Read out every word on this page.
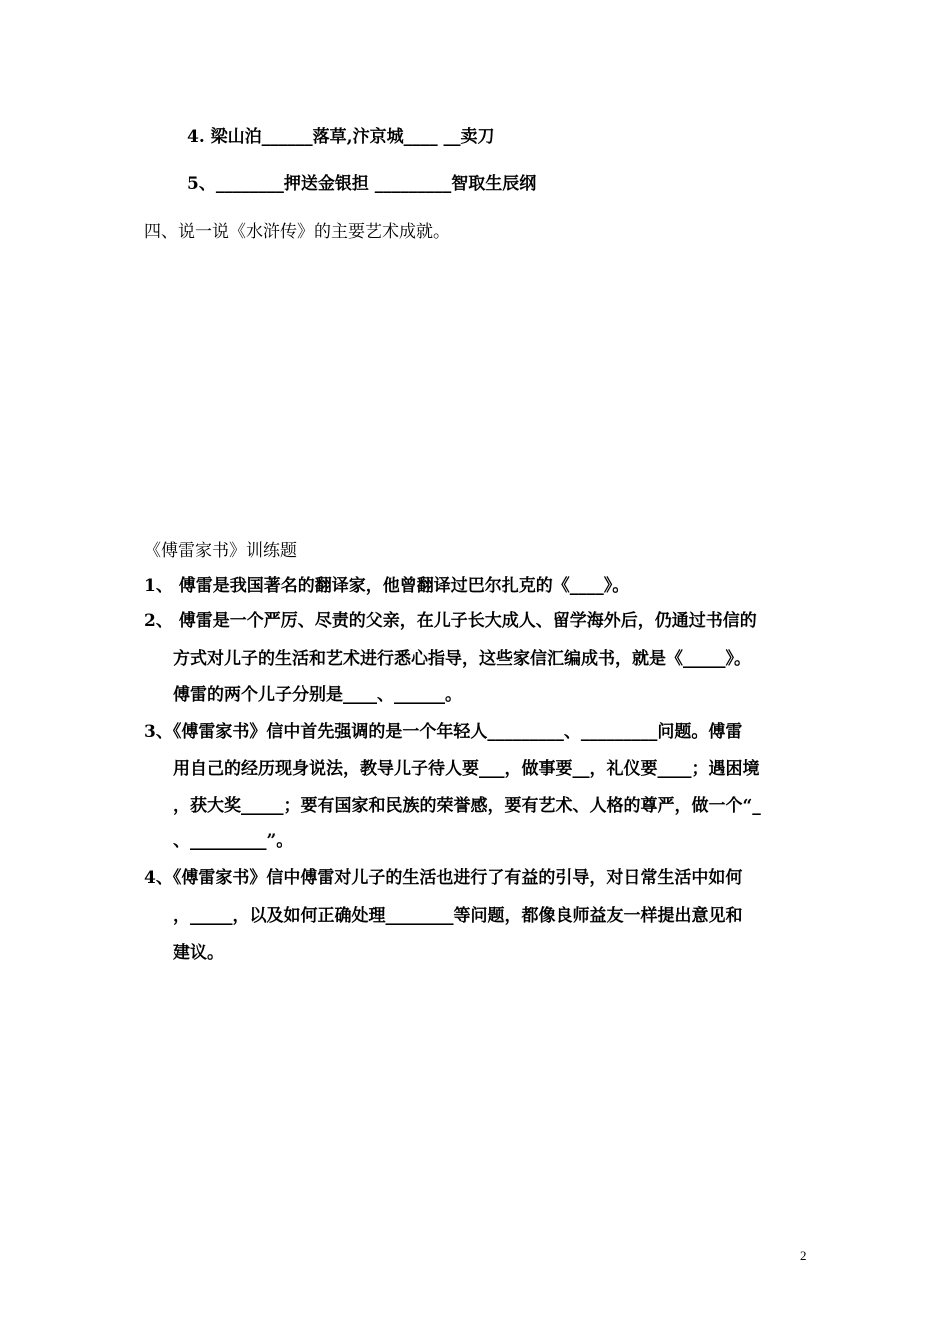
4. 梁山泊______落草,汴京城____ __卖刀
5、________押送金银担 _________智取生辰纲
四、说一说《水浒传》的主要艺术成就。
《傅雷家书》训练题
1、 傅雷是我国著名的翻译家，他曾翻译过巴尔扎克的《____》。
2、 傅雷是一个严厉、尽责的父亲，在儿子长大成人、留学海外后，仍通过书信的
方式对儿子的生活和艺术进行悉心指导，这些家信汇编成书，就是《_____》。
傅雷的两个儿子分别是____、______。
3、《傅雷家书》信中首先强调的是一个年轻人_________、_________问题。傅雷
用自己的经历现身说法，教导儿子待人要___，做事要__，礼仪要____；遇困境
，获大奖_____；要有国家和民族的荣誉感，要有艺术、人格的尊严，做一个“_
、_________”。
4、《傅雷家书》信中傅雷对儿子的生活也进行了有益的引导，对日常生活中如何
，_____，以及如何正确处理________等问题，都像良师益友一样提出意见和
建议。
2
